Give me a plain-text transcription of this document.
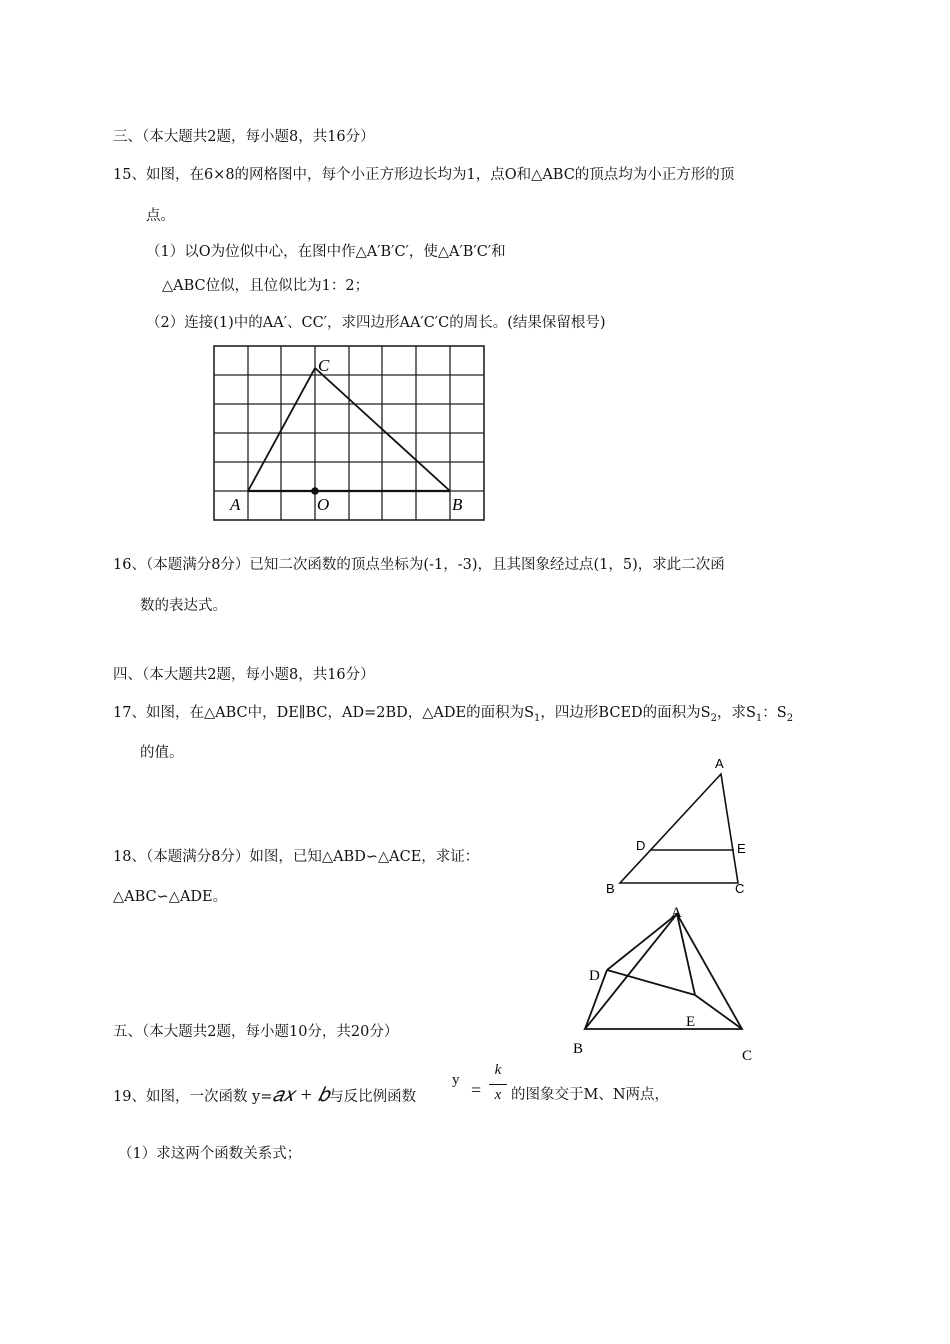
三、（本大题共2题，每小题8，共16分）
15、如图，在6×8的网格图中，每个小正方形边长均为1，点O和△ABC的顶点均为小正方形的顶
点。
（1）以O为位似中心，在图中作△A′B′C′，使△A′B′C′和
△ABC位似，且位似比为1：2；
（2）连接(1)中的AA′、CC′，求四边形AA′C′C的周长。(结果保留根号)
C
A	O	B
16、（本题满分8分）已知二次函数的顶点坐标为(-1，-3)，且其图象经过点(1，5)，求此二次函
数的表达式。
四、（本大题共2题，每小题8，共16分）
17、如图，在△ABC中，DE∥BC，AD=2BD，△ADE的面积为$S_1$，四边形BCED的面积为$S_2$，求$S_1$：$S_2$
的值。
A
D	E
B	C
18、（本题满分8分）如图，已知△ABD∽△ACE，求证：
△ABC∽△ADE。
A
D
E
B	C
五、（本大题共2题，每小题10分，共20分）
19、如图，一次函数 y=𝑎𝑥 + 𝑏与反比例函数
y =
k
x 的图象交于M、N两点，
（1）求这两个函数关系式；
